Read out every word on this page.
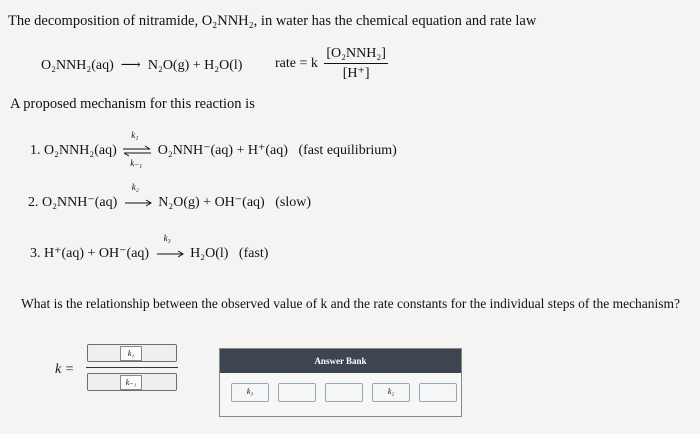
The decomposition of nitramide, O₂NNH₂, in water has the chemical equation and rate law
O₂NNH₂(aq)  ⟶  N₂O(g) + H₂O(l) rate = k $\frac{\text{[O₂NNH₂]}}{[H^+]}$
A proposed mechanism for this reaction is
1. O₂NNH₂(aq)
k₁
k₋₁
O₂NNH⁻(aq) + H⁺(aq) (fast equilibrium)
2. O₂NNH⁻(aq)
k₂
N₂O(g) + OH⁻(aq) (slow)
3. H⁺(aq) + OH⁻(aq)
k₃
H₂O(l) (fast)
What is the relationship between the observed value of k and the rate constants for the individual steps of the mechanism?
k =
k₁
k₋₁
Answer Bank
k₃	k₂
